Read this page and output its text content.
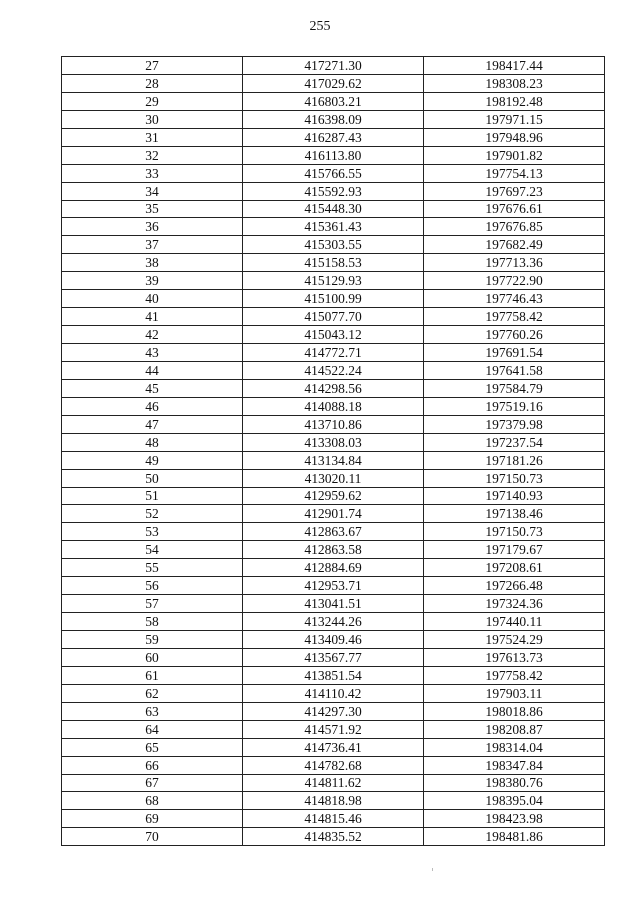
255
27	417271.30	198417.44
28	417029.62	198308.23
29	416803.21	198192.48
30	416398.09	197971.15
31	416287.43	197948.96
32	416113.80	197901.82
33	415766.55	197754.13
34	415592.93	197697.23
35	415448.30	197676.61
36	415361.43	197676.85
37	415303.55	197682.49
38	415158.53	197713.36
39	415129.93	197722.90
40	415100.99	197746.43
41	415077.70	197758.42
42	415043.12	197760.26
43	414772.71	197691.54
44	414522.24	197641.58
45	414298.56	197584.79
46	414088.18	197519.16
47	413710.86	197379.98
48	413308.03	197237.54
49	413134.84	197181.26
50	413020.11	197150.73
51	412959.62	197140.93
52	412901.74	197138.46
53	412863.67	197150.73
54	412863.58	197179.67
55	412884.69	197208.61
56	412953.71	197266.48
57	413041.51	197324.36
58	413244.26	197440.11
59	413409.46	197524.29
60	413567.77	197613.73
61	413851.54	197758.42
62	414110.42	197903.11
63	414297.30	198018.86
64	414571.92	198208.87
65	414736.41	198314.04
66	414782.68	198347.84
67	414811.62	198380.76
68	414818.98	198395.04
69	414815.46	198423.98
70	414835.52	198481.86
